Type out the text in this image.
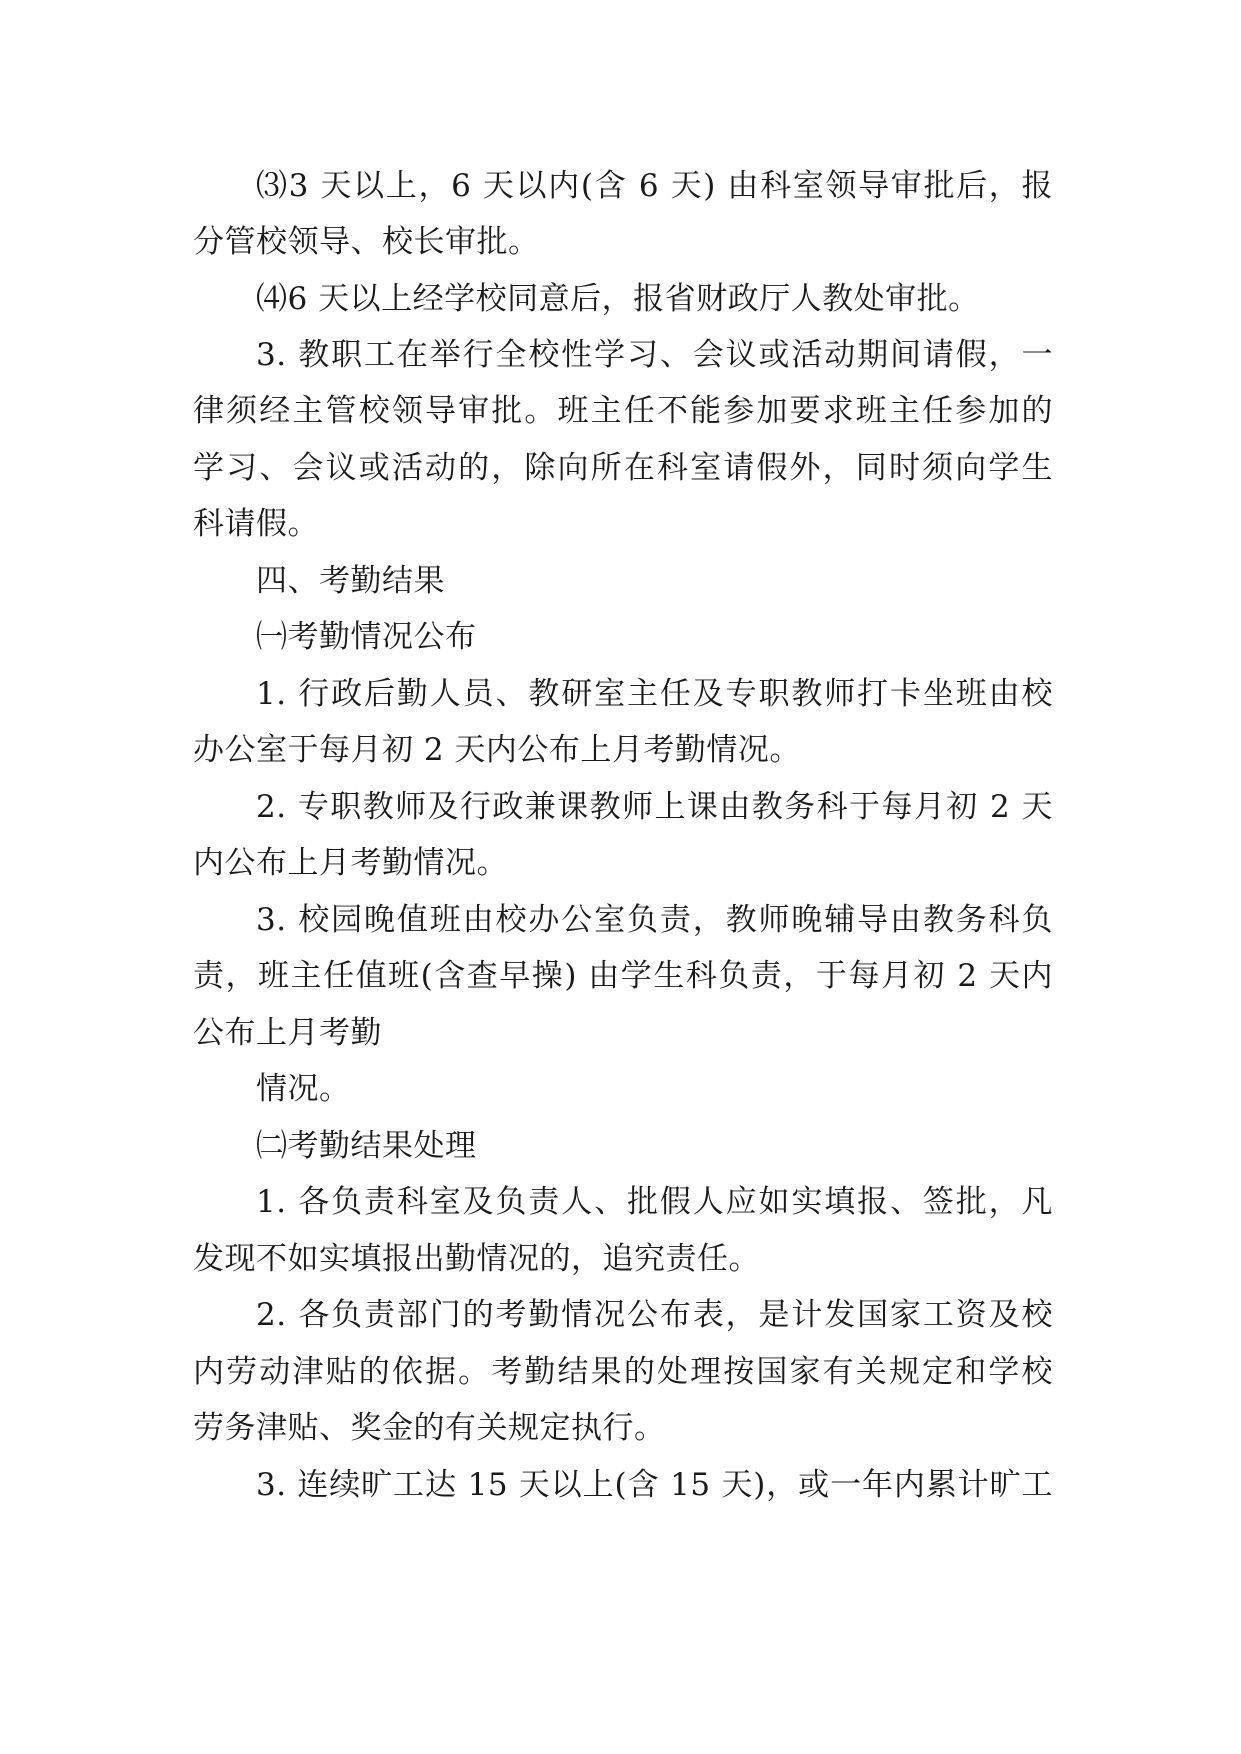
⑶3 天以上，6 天以内(含 6 天) 由科室领导审批后，报
分管校领导、校长审批。
⑷6 天以上经学校同意后，报省财政厅人教处审批。
3. 教职工在举行全校性学习、会议或活动期间请假，一
律须经主管校领导审批。班主任不能参加要求班主任参加的
学习、会议或活动的，除向所在科室请假外，同时须向学生
科请假。
四、考勤结果
㈠考勤情况公布
1. 行政后勤人员、教研室主任及专职教师打卡坐班由校
办公室于每月初 2 天内公布上月考勤情况。
2. 专职教师及行政兼课教师上课由教务科于每月初 2 天
内公布上月考勤情况。
3. 校园晚值班由校办公室负责，教师晚辅导由教务科负
责，班主任值班(含查早操) 由学生科负责，于每月初 2 天内
公布上月考勤
情况。
㈡考勤结果处理
1. 各负责科室及负责人、批假人应如实填报、签批，凡
发现不如实填报出勤情况的，追究责任。
2. 各负责部门的考勤情况公布表，是计发国家工资及校
内劳动津贴的依据。考勤结果的处理按国家有关规定和学校
劳务津贴、奖金的有关规定执行。
3. 连续旷工达 15 天以上(含 15 天)，或一年内累计旷工
